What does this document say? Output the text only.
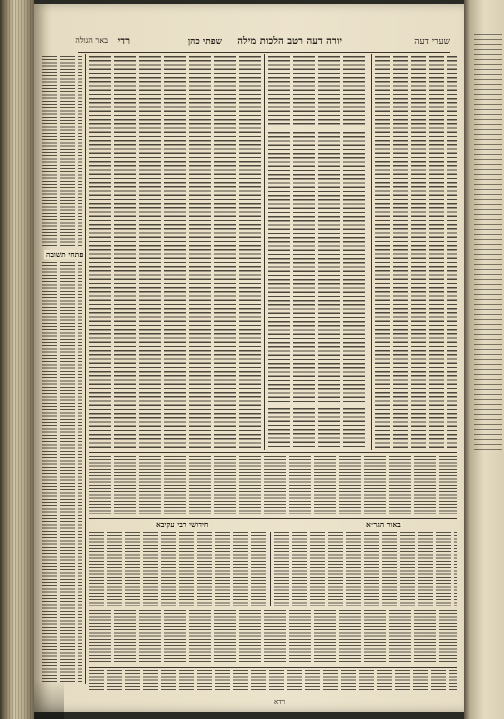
שערי דעה
יורה דעה רטב הלכות מילה
שפתי כהן
רדי
באר הגולה
פתחי תשובה
חידושי רבי עקיבא	באור הגר״א
רדא
